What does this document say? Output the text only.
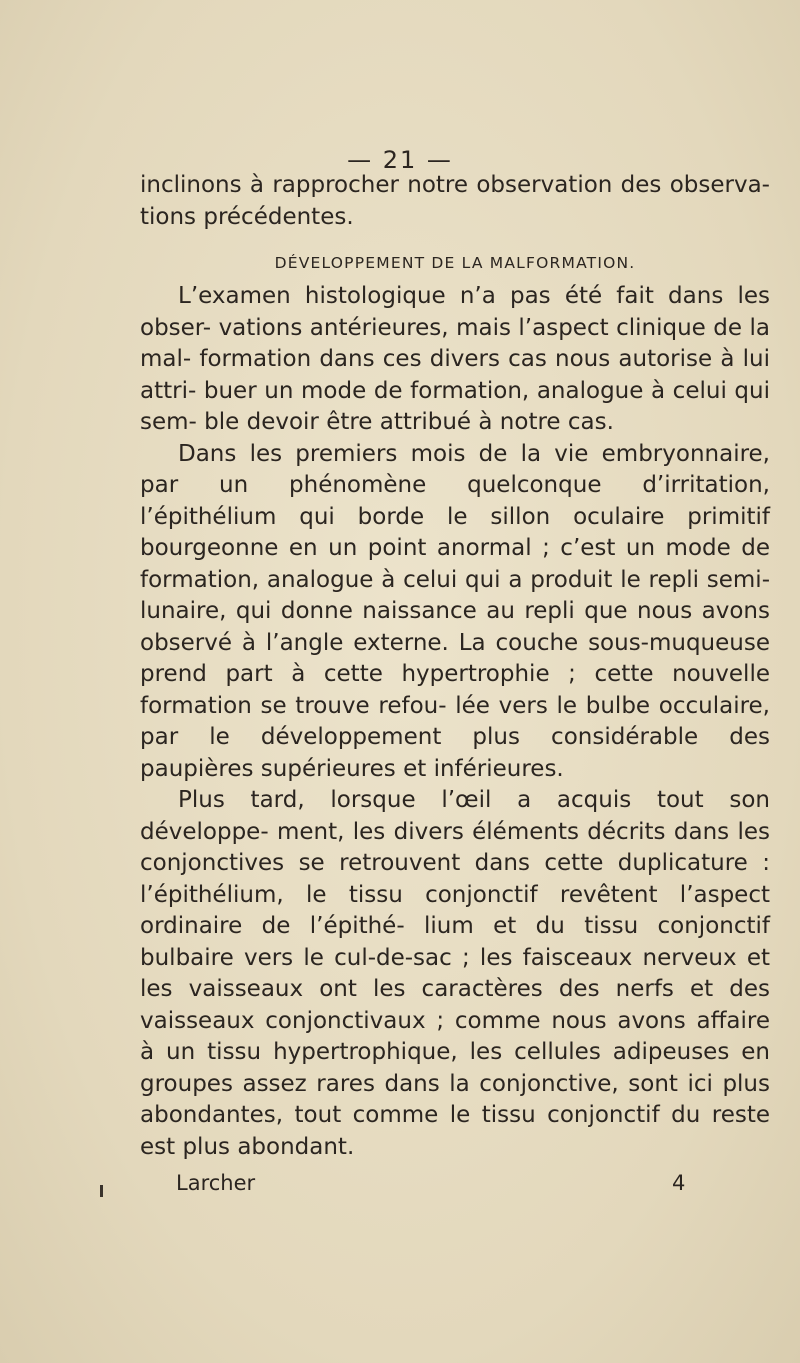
— 21 —

inclinons à rapprocher notre observation des observa- tions précédentes.

DÉVELOPPEMENT DE LA MALFORMATION.

L’examen histologique n’a pas été fait dans les obser- vations antérieures, mais l’aspect clinique de la mal- formation dans ces divers cas nous autorise à lui attri- buer un mode de formation, analogue à celui qui sem- ble devoir être attribué à notre cas.

Dans les premiers mois de la vie embryonnaire, par un phénomène quelconque d’irritation, l’épithélium qui borde le sillon oculaire primitif bourgeonne en un point anormal ; c’est un mode de formation, analogue à celui qui a produit le repli semi-lunaire, qui donne naissance au repli que nous avons observé à l’angle externe. La couche sous-muqueuse prend part à cette hypertrophie ; cette nouvelle formation se trouve refou- lée vers le bulbe occulaire, par le développement plus considérable des paupières supérieures et inférieures.

Plus tard, lorsque l’œil a acquis tout son développe- ment, les divers éléments décrits dans les conjonctives se retrouvent dans cette duplicature : l’épithélium, le tissu conjonctif revêtent l’aspect ordinaire de l’épithé- lium et du tissu conjonctif bulbaire vers le cul-de-sac ; les faisceaux nerveux et les vaisseaux ont les caractères des nerfs et des vaisseaux conjonctivaux ; comme nous avons affaire à un tissu hypertrophique, les cellules adipeuses en groupes assez rares dans la conjonctive, sont ici plus abondantes, tout comme le tissu conjonctif du reste est plus abondant.

Larcher	4
